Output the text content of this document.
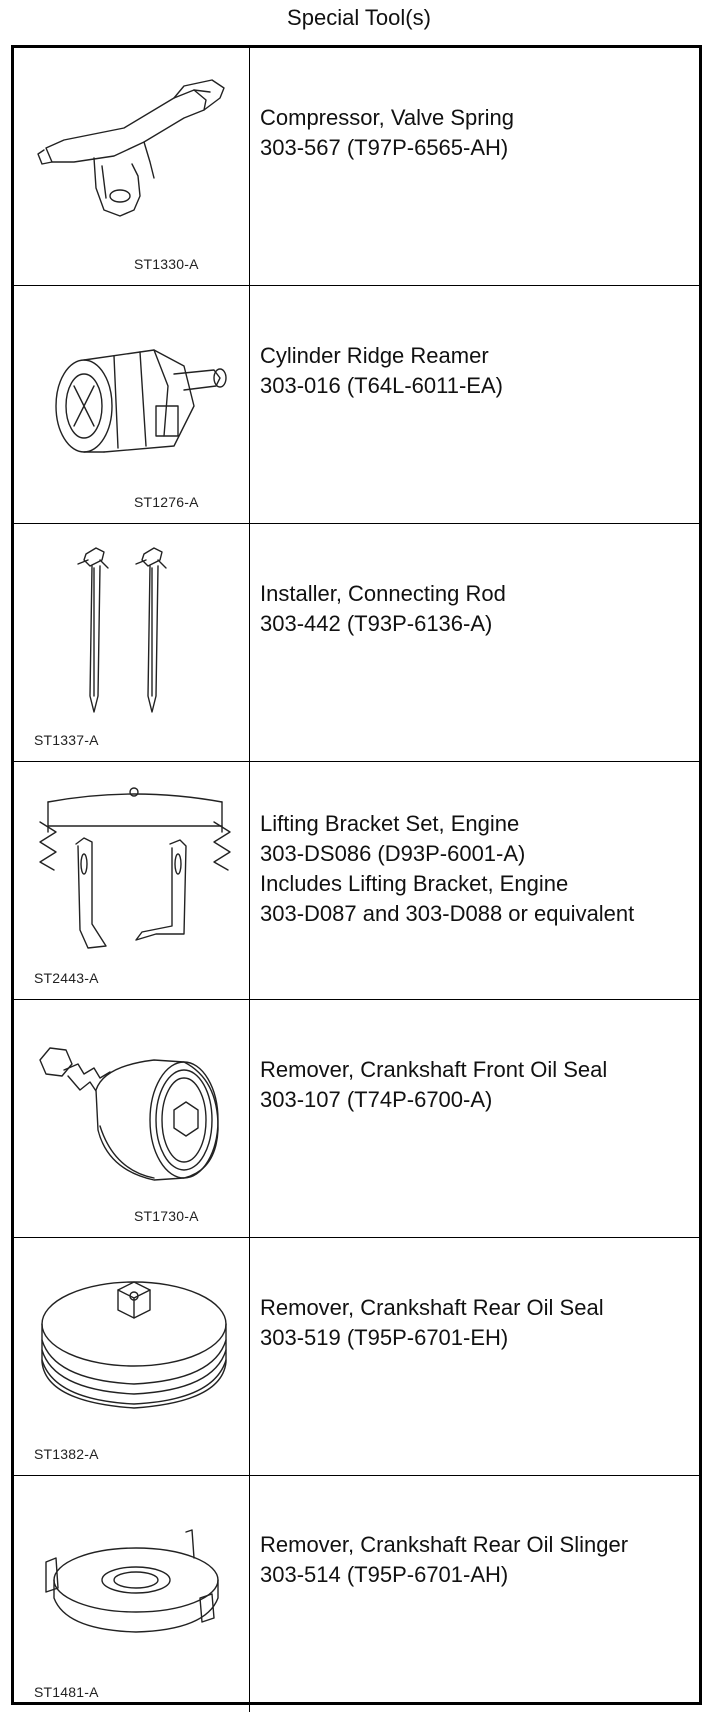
Special Tool(s)
ST1330-A
Compressor, Valve Spring
303-567 (T97P-6565-AH)
ST1276-A
Cylinder Ridge Reamer
303-016 (T64L-6011-EA)
ST1337-A
Installer, Connecting Rod
303-442 (T93P-6136-A)
ST2443-A
Lifting Bracket Set, Engine
303-DS086 (D93P-6001-A)
Includes Lifting Bracket, Engine
303-D087 and 303-D088 or equivalent
ST1730-A
Remover, Crankshaft Front Oil Seal
303-107 (T74P-6700-A)
ST1382-A
Remover, Crankshaft Rear Oil Seal
303-519 (T95P-6701-EH)
ST1481-A
Remover, Crankshaft Rear Oil Slinger
303-514 (T95P-6701-AH)
